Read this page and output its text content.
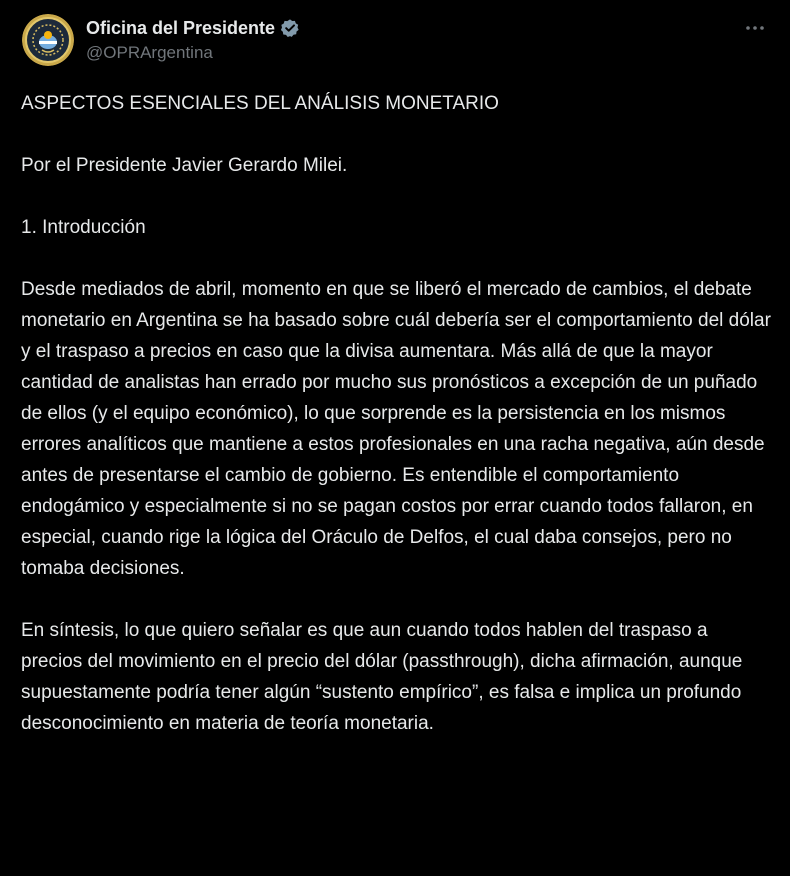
Oficina del Presidente
@OPRArgentina

ASPECTOS ESENCIALES DEL ANÁLISIS MONETARIO

Por el Presidente Javier Gerardo Milei.

1. Introducción

Desde mediados de abril, momento en que se liberó el mercado de cambios, el debate monetario en Argentina se ha basado sobre cuál debería ser el comportamiento del dólar y el traspaso a precios en caso que la divisa aumentara. Más allá de que la mayor cantidad de analistas han errado por mucho sus pronósticos a excepción de un puñado de ellos (y el equipo económico), lo que sorprende es la persistencia en los mismos errores analíticos que mantiene a estos profesionales en una racha negativa, aún desde antes de presentarse el cambio de gobierno. Es entendible el comportamiento endogámico y especialmente si no se pagan costos por errar cuando todos fallaron, en especial, cuando rige la lógica del Oráculo de Delfos, el cual daba consejos, pero no tomaba decisiones.

En síntesis, lo que quiero señalar es que aun cuando todos hablen del traspaso a precios del movimiento en el precio del dólar (passthrough), dicha afirmación, aunque supuestamente podría tener algún “sustento empírico”, es falsa e implica un profundo desconocimiento en materia de teoría monetaria.
